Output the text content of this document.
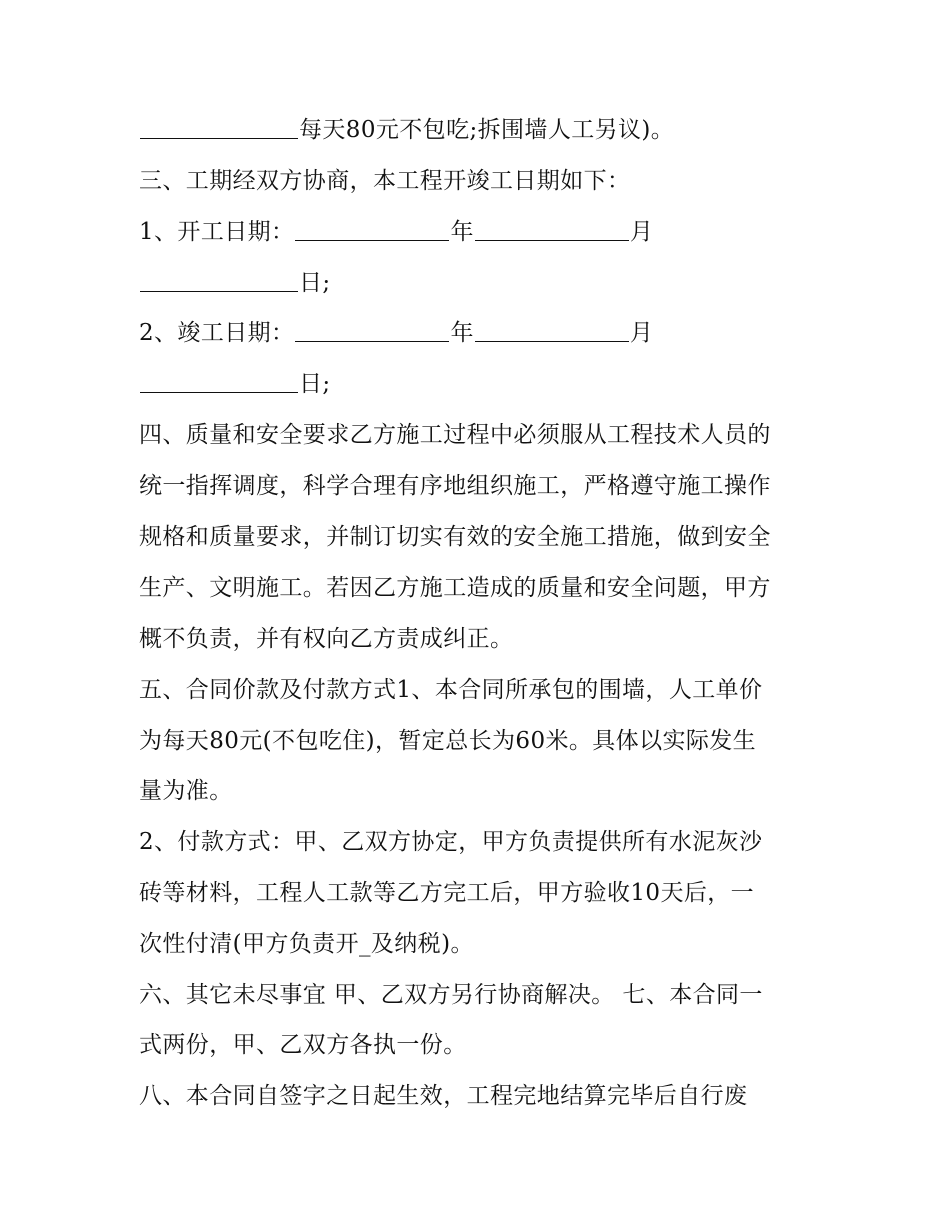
每天80元不包吃;拆围墙人工另议)。
三、工期经双方协商，本工程开竣工日期如下：
1、开工日期：	年	月
日;
2、竣工日期：	年	月
日;
四、质量和安全要求乙方施工过程中必须服从工程技术人员的
统一指挥调度，科学合理有序地组织施工，严格遵守施工操作
规格和质量要求，并制订切实有效的安全施工措施，做到安全
生产、文明施工。若因乙方施工造成的质量和安全问题，甲方
概不负责，并有权向乙方责成纠正。
五、合同价款及付款方式1、本合同所承包的围墙，人工单价
为每天80元(不包吃住)，暂定总长为60米。具体以实际发生
量为准。
2、付款方式：甲、乙双方协定，甲方负责提供所有水泥灰沙
砖等材料，工程人工款等乙方完工后，甲方验收10天后，一
次性付清(甲方负责开_及纳税)。
六、其它未尽事宜 甲、乙双方另行协商解决。 七、本合同一
式两份，甲、乙双方各执一份。
八、本合同自签字之日起生效，工程完地结算完毕后自行废
